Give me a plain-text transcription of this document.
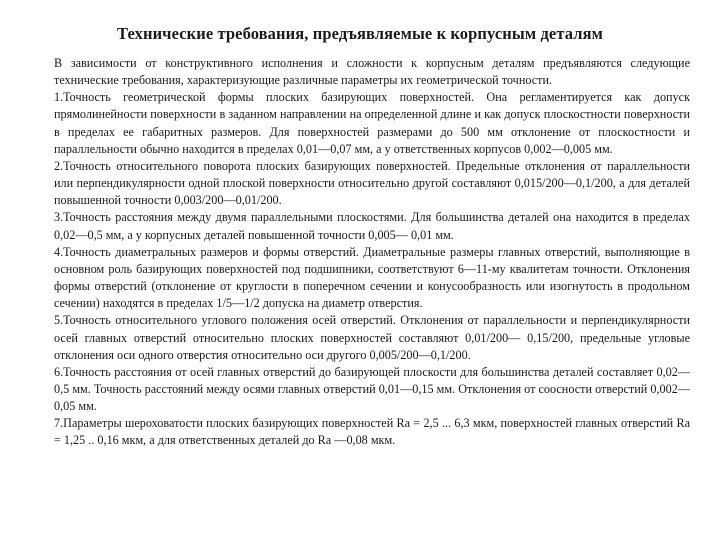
Технические требования, предъявляемые к корпусным деталям

В зависимости от конструктивного исполнения и сложности к корпусным деталям предъявляются следующие технические требования, характеризующие различные параметры их геометрической точности.

1.Точность геометрической формы плоских базирующих поверхностей. Она регламентируется как допуск прямолинейности поверхности в заданном направлении на определенной длине и как допуск плоскостности поверхности в пределах ее габаритных размеров. Для поверхностей размерами до 500 мм отклонение от плоскостности и параллельности обычно находится в пределах 0,01—0,07 мм, а у ответственных корпусов 0,002—0,005 мм.

2.Точность относительного поворота плоских базирующих поверхностей. Предельные отклонения от параллельности или перпендикулярности одной плоской поверхности относительно другой составляют 0,015/200—0,1/200, а для деталей повышенной точности 0,003/200—0,01/200.

3.Точность расстояния между двумя параллельными плоскостями. Для большинства деталей она находится в пределах 0,02—0,5 мм, а у корпусных деталей повышенной точности 0,005— 0,01 мм.

4.Точность диаметральных размеров и формы отверстий. Диаметральные размеры главных отверстий, выполняющие в основном роль базирующих поверхностей под подшипники, соответствуют 6—11-му квалитетам точности. Отклонения формы отверстий (отклонение от круглости в поперечном сечении и конусообразность или изогнутость в продольном сечении) находятся в пределах 1/5—1/2 допуска на диаметр отверстия.

5.Точность относительного углового положения осей отверстий. Отклонения от параллельности и перпендикулярности осей главных отверстий относительно плоских поверхностей составляют 0,01/200— 0,15/200, предельные угловые отклонения оси одного отверстия относительно оси другого 0,005/200—0,1/200.

6.Точность расстояния от осей главных отверстий до базирующей плоскости для большинства деталей составляет 0,02— 0,5 мм. Точность расстояний между осями главных отверстий 0,01—0,15 мм. Отклонения от соосности отверстий 0,002—0,05 мм.

7.Параметры шероховатости плоских базирующих поверхностей Ra = 2,5 ... 6,3 мкм, поверхностей главных отверстий Ra = 1,25 .. 0,16 мкм, а для ответственных деталей до Ra —0,08 мкм.
